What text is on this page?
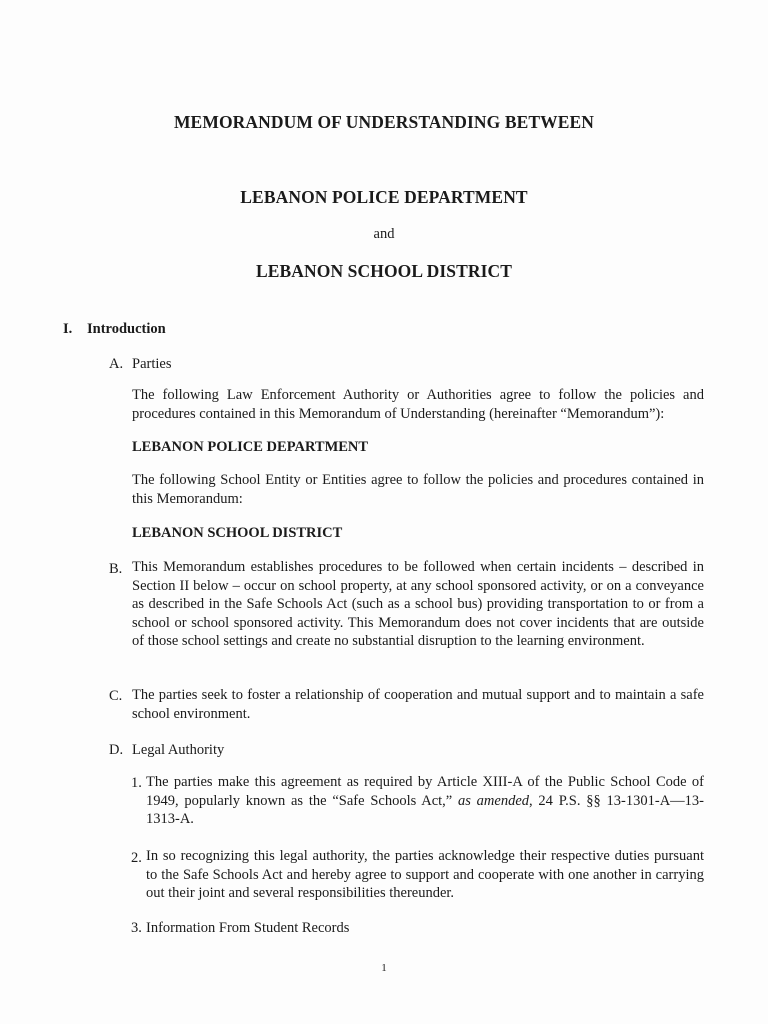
MEMORANDUM OF UNDERSTANDING BETWEEN
LEBANON POLICE DEPARTMENT
and
LEBANON SCHOOL DISTRICT
I. Introduction
A. Parties
The following Law Enforcement Authority or Authorities agree to follow the policies and procedures contained in this Memorandum of Understanding (hereinafter “Memorandum”):
LEBANON POLICE DEPARTMENT
The following School Entity or Entities agree to follow the policies and procedures contained in this Memorandum:
LEBANON SCHOOL DISTRICT
B. This Memorandum establishes procedures to be followed when certain incidents – described in Section II below – occur on school property, at any school sponsored activity, or on a conveyance as described in the Safe Schools Act (such as a school bus) providing transportation to or from a school or school sponsored activity. This Memorandum does not cover incidents that are outside of those school settings and create no substantial disruption to the learning environment.
C. The parties seek to foster a relationship of cooperation and mutual support and to maintain a safe school environment.
D. Legal Authority
1. The parties make this agreement as required by Article XIII-A of the Public School Code of 1949, popularly known as the “Safe Schools Act,” as amended, 24 P.S. §§ 13-1301-A—13-1313-A.
2. In so recognizing this legal authority, the parties acknowledge their respective duties pursuant to the Safe Schools Act and hereby agree to support and cooperate with one another in carrying out their joint and several responsibilities thereunder.
3. Information From Student Records
1
